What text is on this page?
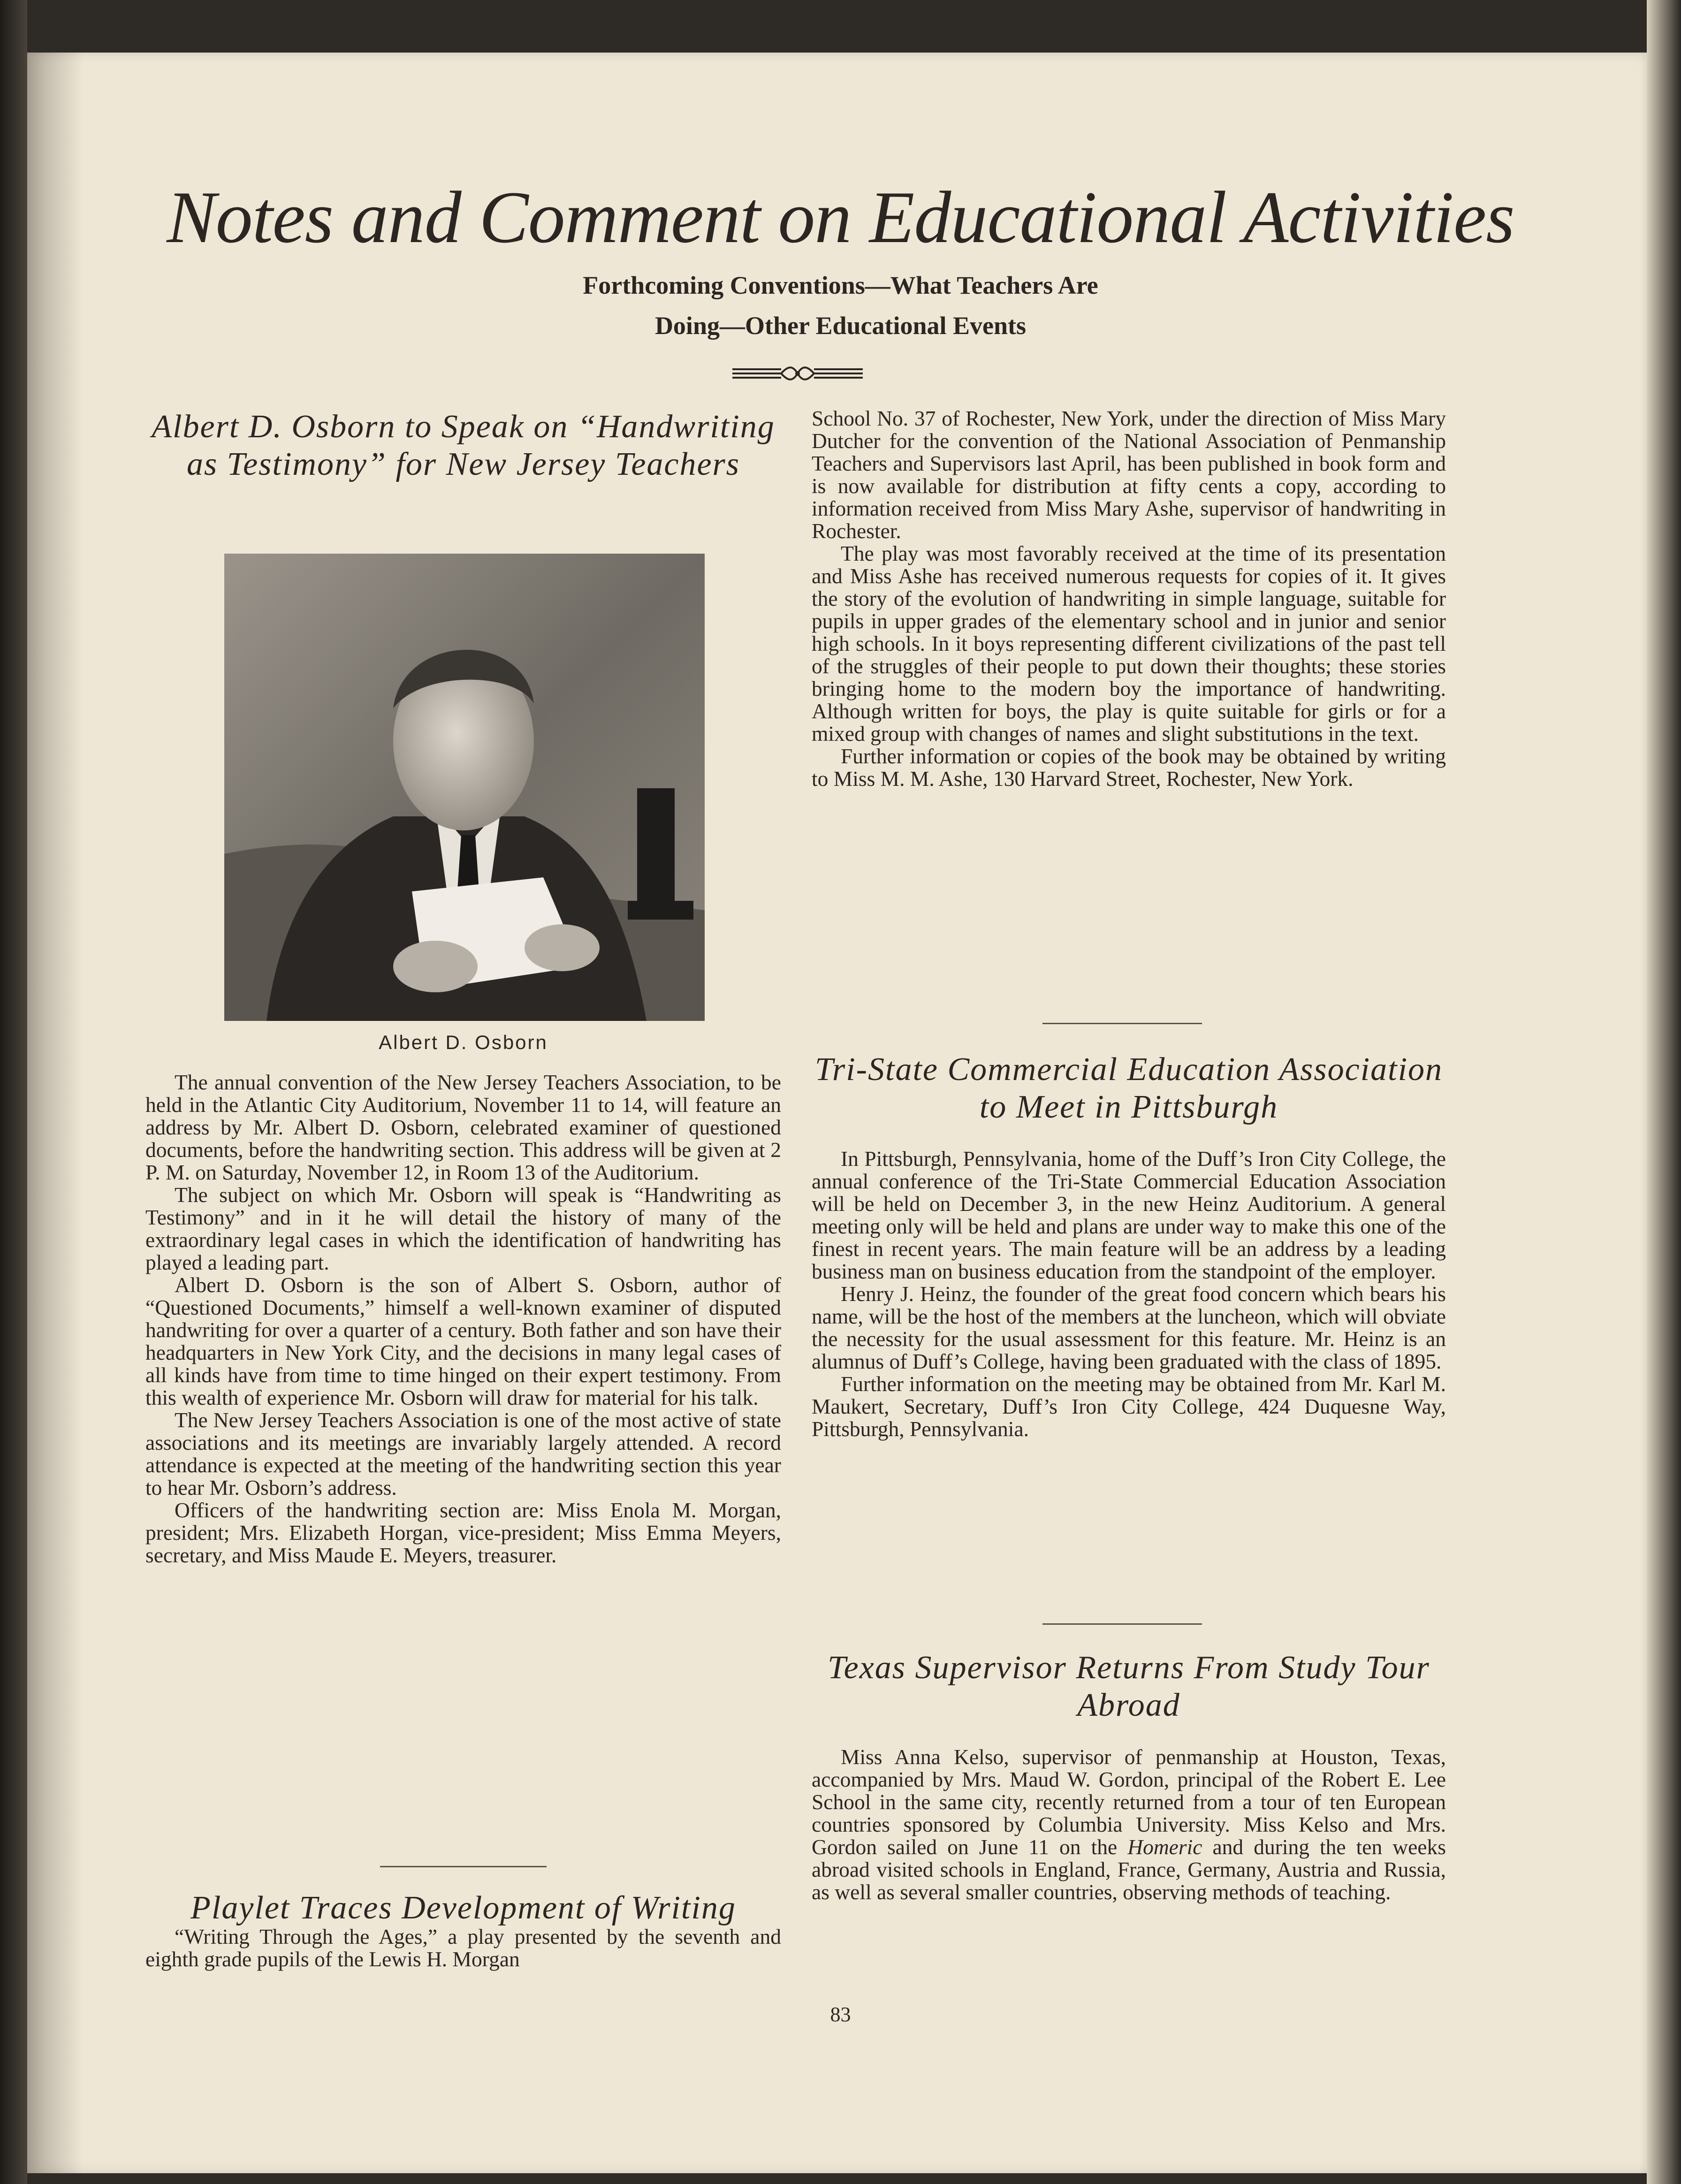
Notes and Comment on Educational Activities
Forthcoming Conventions—What Teachers Are
Doing—Other Educational Events
Albert D. Osborn to Speak on “Handwriting as Testimony” for New Jersey Teachers
Albert D. Osborn

The annual convention of the New Jersey Teachers Association, to be held in the Atlantic City Auditorium, November 11 to 14, will feature an address by Mr. Albert D. Osborn, celebrated examiner of questioned documents, before the handwriting section. This address will be given at 2 P. M. on Saturday, November 12, in Room 13 of the Auditorium.

The subject on which Mr. Osborn will speak is “Handwriting as Testimony” and in it he will detail the history of many of the extraordinary legal cases in which the identification of handwriting has played a leading part.

Albert D. Osborn is the son of Albert S. Osborn, author of “Questioned Documents,” himself a well-known examiner of disputed handwriting for over a quarter of a century. Both father and son have their headquarters in New York City, and the decisions in many legal cases of all kinds have from time to time hinged on their expert testimony. From this wealth of experience Mr. Osborn will draw for material for his talk.

The New Jersey Teachers Association is one of the most active of state associations and its meetings are invariably largely attended. A record attendance is expected at the meeting of the handwriting section this year to hear Mr. Osborn’s address.

Officers of the handwriting section are: Miss Enola M. Morgan, president; Mrs. Elizabeth Horgan, vice-president; Miss Emma Meyers, secretary, and Miss Maude E. Meyers, treasurer.

Playlet Traces Development of Writing

“Writing Through the Ages,” a play presented by the seventh and eighth grade pupils of the Lewis H. Morgan

School No. 37 of Rochester, New York, under the direction of Miss Mary Dutcher for the convention of the National Association of Penmanship Teachers and Supervisors last April, has been published in book form and is now available for distribution at fifty cents a copy, according to information received from Miss Mary Ashe, supervisor of handwriting in Rochester.

The play was most favorably received at the time of its presentation and Miss Ashe has received numerous requests for copies of it. It gives the story of the evolution of handwriting in simple language, suitable for pupils in upper grades of the elementary school and in junior and senior high schools. In it boys representing different civilizations of the past tell of the struggles of their people to put down their thoughts; these stories bringing home to the modern boy the importance of handwriting. Although written for boys, the play is quite suitable for girls or for a mixed group with changes of names and slight substitutions in the text.

Further information or copies of the book may be obtained by writing to Miss M. M. Ashe, 130 Harvard Street, Rochester, New York.

Tri-State Commercial Education Association to Meet in Pittsburgh

In Pittsburgh, Pennsylvania, home of the Duff’s Iron City College, the annual conference of the Tri-State Commercial Education Association will be held on December 3, in the new Heinz Auditorium. A general meeting only will be held and plans are under way to make this one of the finest in recent years. The main feature will be an address by a leading business man on business education from the standpoint of the employer.

Henry J. Heinz, the founder of the great food concern which bears his name, will be the host of the members at the luncheon, which will obviate the necessity for the usual assessment for this feature. Mr. Heinz is an alumnus of Duff’s College, having been graduated with the class of 1895.

Further information on the meeting may be obtained from Mr. Karl M. Maukert, Secretary, Duff’s Iron City College, 424 Duquesne Way, Pittsburgh, Pennsylvania.

Texas Supervisor Returns From Study Tour Abroad

Miss Anna Kelso, supervisor of penmanship at Houston, Texas, accompanied by Mrs. Maud W. Gordon, principal of the Robert E. Lee School in the same city, recently returned from a tour of ten European countries sponsored by Columbia University. Miss Kelso and Mrs. Gordon sailed on June 11 on the Homeric and during the ten weeks abroad visited schools in England, France, Germany, Austria and Russia, as well as several smaller countries, observing methods of teaching.

83
